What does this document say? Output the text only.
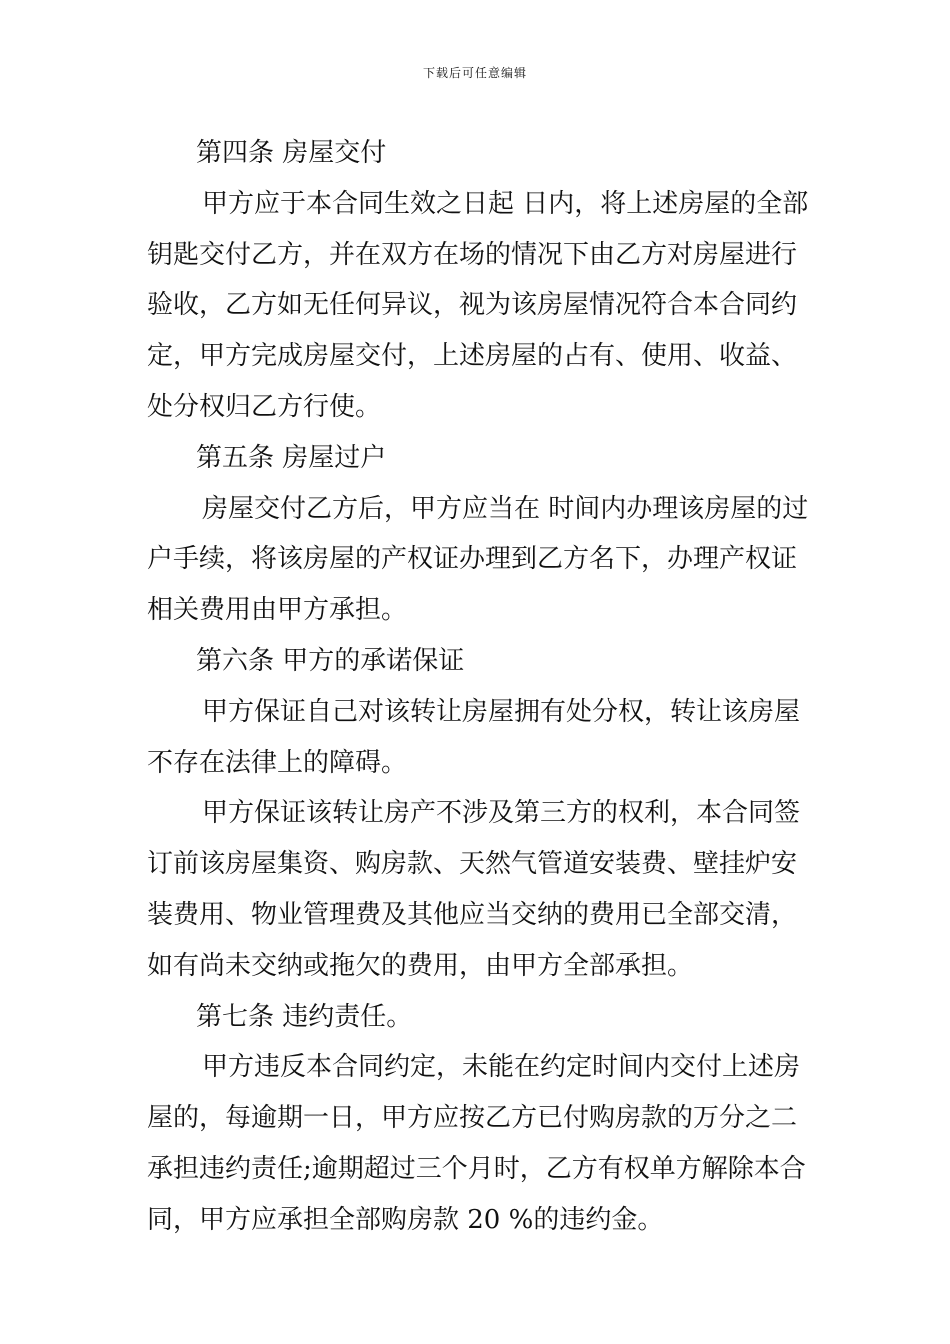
下载后可任意编辑
第四条 房屋交付
甲方应于本合同生效之日起 日内，将上述房屋的全部
钥匙交付乙方，并在双方在场的情况下由乙方对房屋进行
验收，乙方如无任何异议，视为该房屋情况符合本合同约
定，甲方完成房屋交付，上述房屋的占有、使用、收益、
处分权归乙方行使。
第五条 房屋过户
房屋交付乙方后，甲方应当在 时间内办理该房屋的过
户手续，将该房屋的产权证办理到乙方名下，办理产权证
相关费用由甲方承担。
第六条 甲方的承诺保证
甲方保证自己对该转让房屋拥有处分权，转让该房屋
不存在法律上的障碍。
甲方保证该转让房产不涉及第三方的权利，本合同签
订前该房屋集资、购房款、天然气管道安装费、壁挂炉安
装费用、物业管理费及其他应当交纳的费用已全部交清，
如有尚未交纳或拖欠的费用，由甲方全部承担。
第七条 违约责任。
甲方违反本合同约定，未能在约定时间内交付上述房
屋的，每逾期一日，甲方应按乙方已付购房款的万分之二
承担违约责任;逾期超过三个月时，乙方有权单方解除本合
同，甲方应承担全部购房款 20 %的违约金。
